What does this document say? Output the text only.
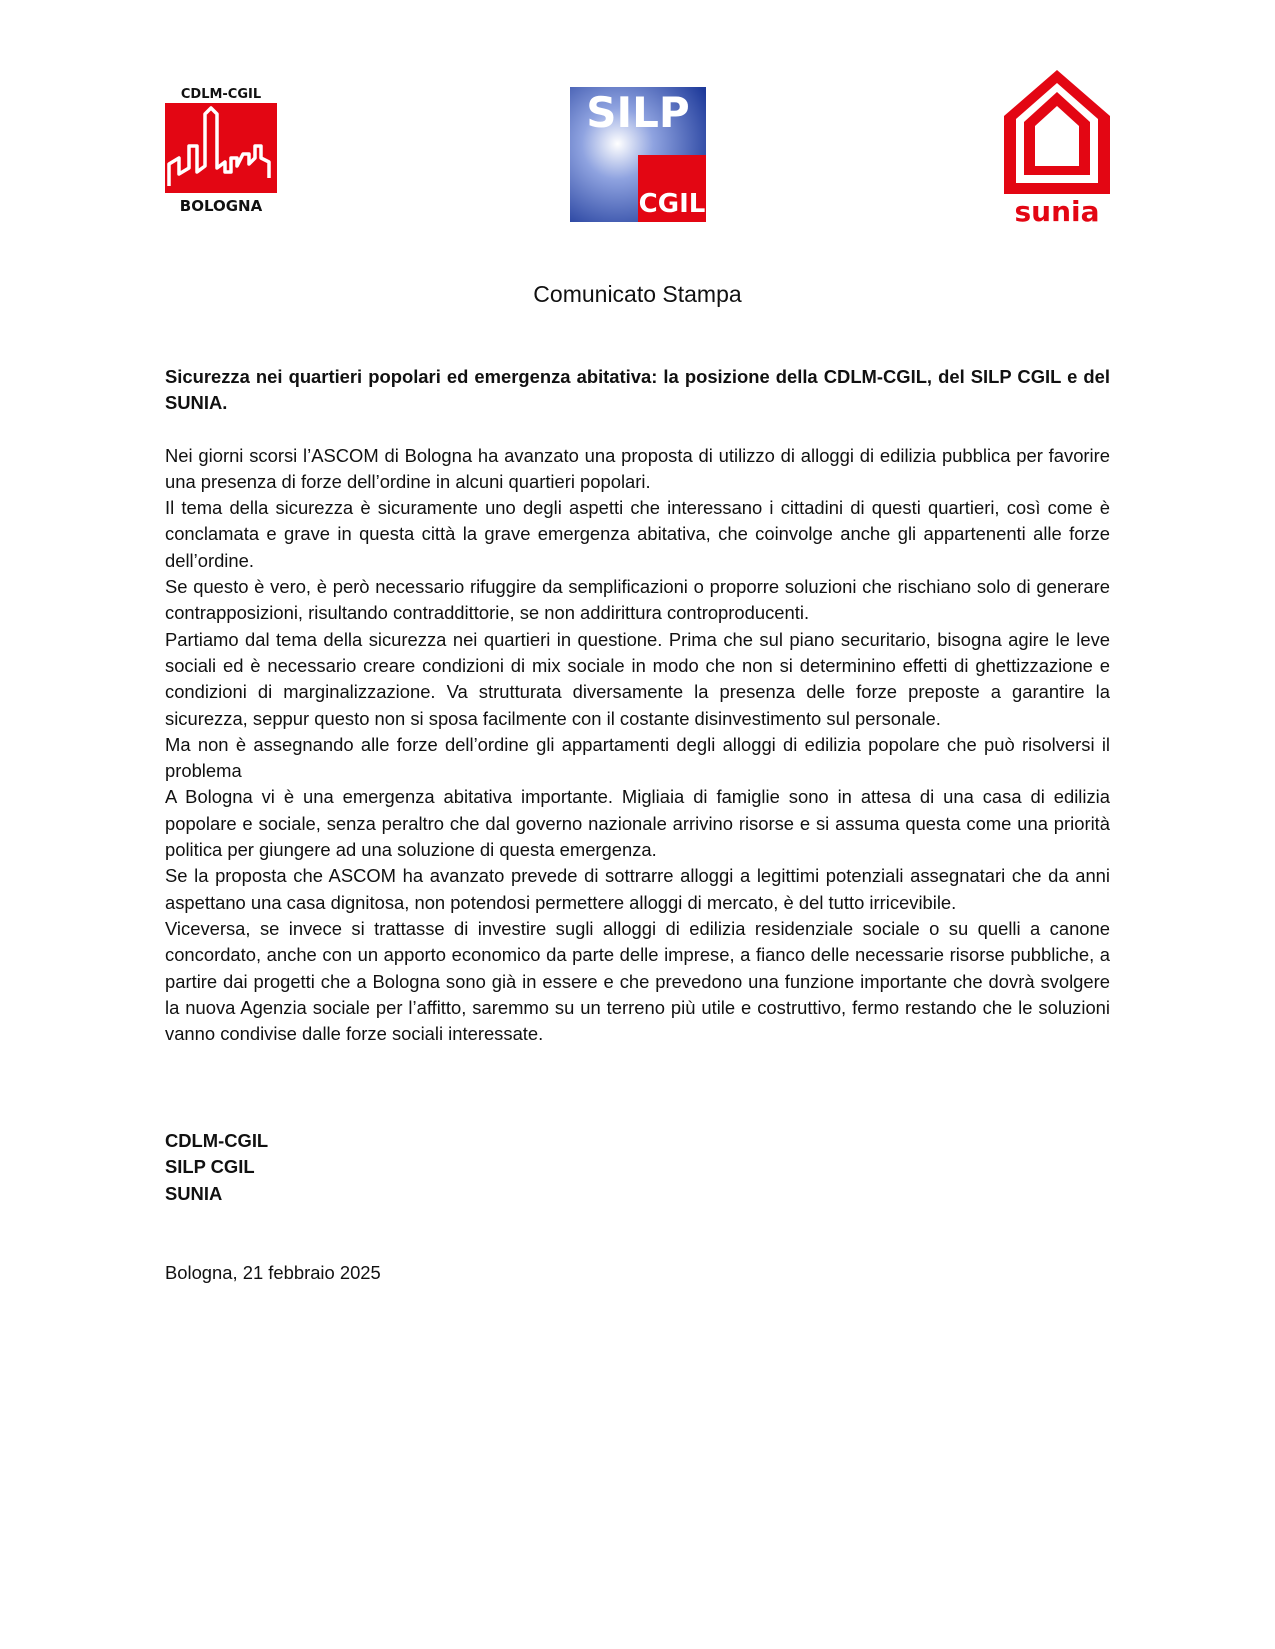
CDLM-CGIL
BOLOGNA
SILP
CGIL	sunia
Comunicato Stampa

Sicurezza nei quartieri popolari ed emergenza abitativa: la posizione della CDLM-CGIL, del SILP CGIL e del SUNIA.

Nei giorni scorsi l’ASCOM di Bologna ha avanzato una proposta di utilizzo di alloggi di edilizia pubblica per favorire una presenza di forze dell’ordine in alcuni quartieri popolari.

Il tema della sicurezza è sicuramente uno degli aspetti che interessano i cittadini di questi quartieri, così come è conclamata e grave in questa città la grave emergenza abitativa, che coinvolge anche gli appartenenti alle forze dell’ordine.

Se questo è vero, è però necessario rifuggire da semplificazioni o proporre soluzioni che rischiano solo di generare contrapposizioni, risultando contraddittorie, se non addirittura controproducenti.

Partiamo dal tema della sicurezza nei quartieri in questione. Prima che sul piano securitario, bisogna agire le leve sociali ed è necessario creare condizioni di mix sociale in modo che non si determinino effetti di ghettizzazione e condizioni di marginalizzazione. Va strutturata diversamente la presenza delle forze preposte a garantire la sicurezza, seppur questo non si sposa facilmente con il costante disinvestimento sul personale.

Ma non è assegnando alle forze dell’ordine gli appartamenti degli alloggi di edilizia popolare che può risolversi il problema

A Bologna vi è una emergenza abitativa importante. Migliaia di famiglie sono in attesa di una casa di edilizia popolare e sociale, senza peraltro che dal governo nazionale arrivino risorse e si assuma questa come una priorità politica per giungere ad una soluzione di questa emergenza.

Se la proposta che ASCOM ha avanzato prevede di sottrarre alloggi a legittimi potenziali assegnatari che da anni aspettano una casa dignitosa, non potendosi permettere alloggi di mercato, è del tutto irricevibile.

Viceversa, se invece si trattasse di investire sugli alloggi di edilizia residenziale sociale o su quelli a canone concordato, anche con un apporto economico da parte delle imprese, a fianco delle necessarie risorse pubbliche, a partire dai progetti che a Bologna sono già in essere e che prevedono una funzione importante che dovrà svolgere la nuova Agenzia sociale per l’affitto, saremmo su un terreno più utile e costruttivo, fermo restando che le soluzioni vanno condivise dalle forze sociali interessate.

CDLM-CGIL

SILP CGIL

SUNIA

Bologna, 21 febbraio 2025
